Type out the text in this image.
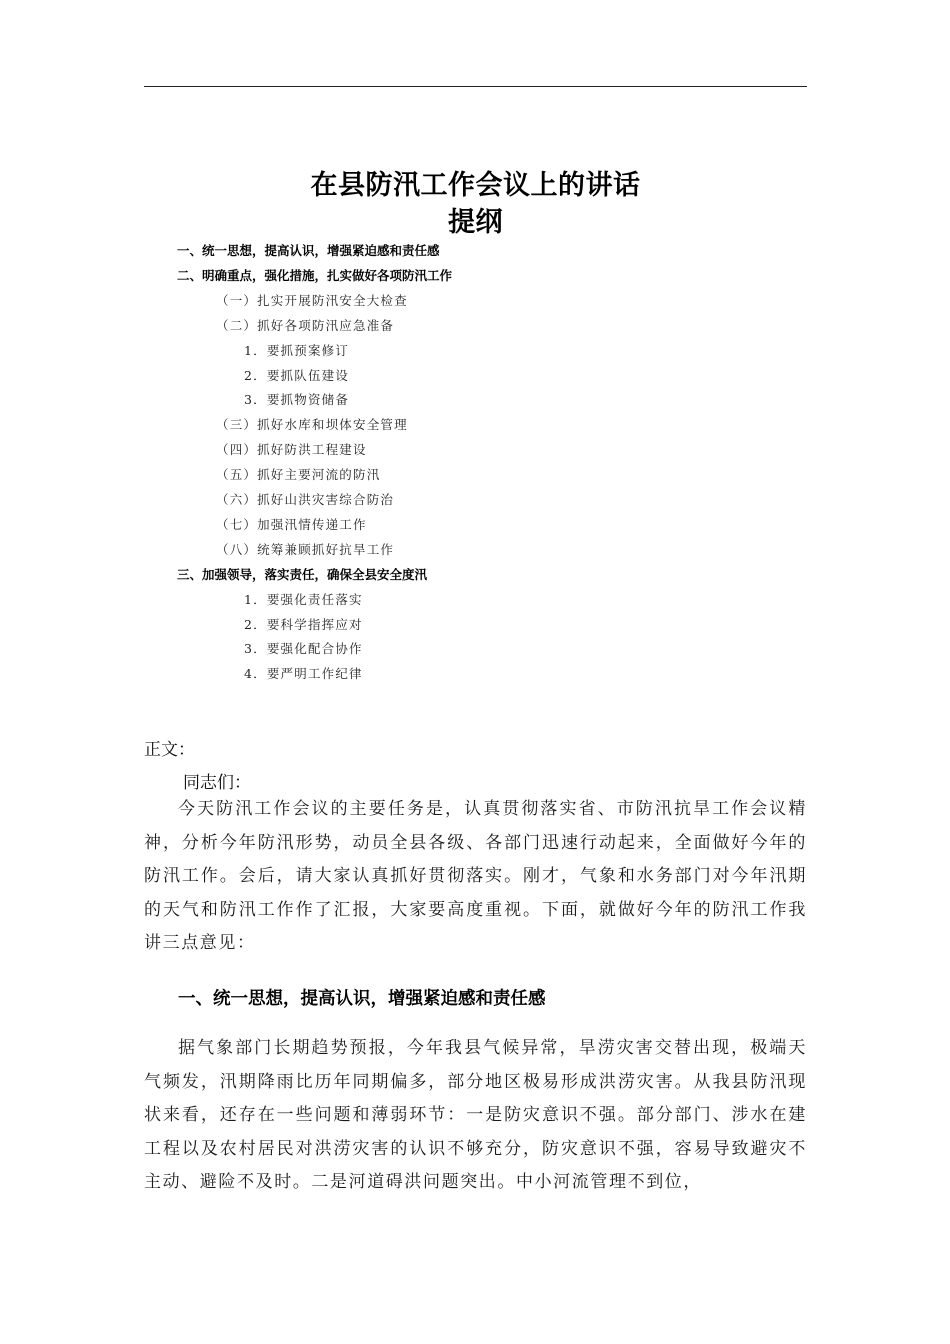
在县防汛工作会议上的讲话
提纲
一、统一思想，提高认识，增强紧迫感和责任感
二、明确重点，强化措施，扎实做好各项防汛工作
（一）扎实开展防汛安全大检查
（二）抓好各项防汛应急准备
1．要抓预案修订
2．要抓队伍建设
3．要抓物资储备
（三）抓好水库和坝体安全管理
（四）抓好防洪工程建设
（五）抓好主要河流的防汛
（六）抓好山洪灾害综合防治
（七）加强汛情传递工作
（八）统筹兼顾抓好抗旱工作
三、加强领导，落实责任，确保全县安全度汛
1．要强化责任落实
2．要科学指挥应对
3．要强化配合协作
4．要严明工作纪律
正文：
同志们：
今天防汛工作会议的主要任务是，认真贯彻落实省、市防汛抗旱工作会议精神，分析今年防汛形势，动员全县各级、各部门迅速行动起来，全面做好今年的防汛工作。会后，请大家认真抓好贯彻落实。刚才，气象和水务部门对今年汛期的天气和防汛工作作了汇报，大家要高度重视。下面，就做好今年的防汛工作我讲三点意见：
一、统一思想，提高认识，增强紧迫感和责任感
据气象部门长期趋势预报，今年我县气候异常，旱涝灾害交替出现，极端天气频发，汛期降雨比历年同期偏多，部分地区极易形成洪涝灾害。从我县防汛现状来看，还存在一些问题和薄弱环节：一是防灾意识不强。部分部门、涉水在建工程以及农村居民对洪涝灾害的认识不够充分，防灾意识不强，容易导致避灾不主动、避险不及时。二是河道碍洪问题突出。中小河流管理不到位，
